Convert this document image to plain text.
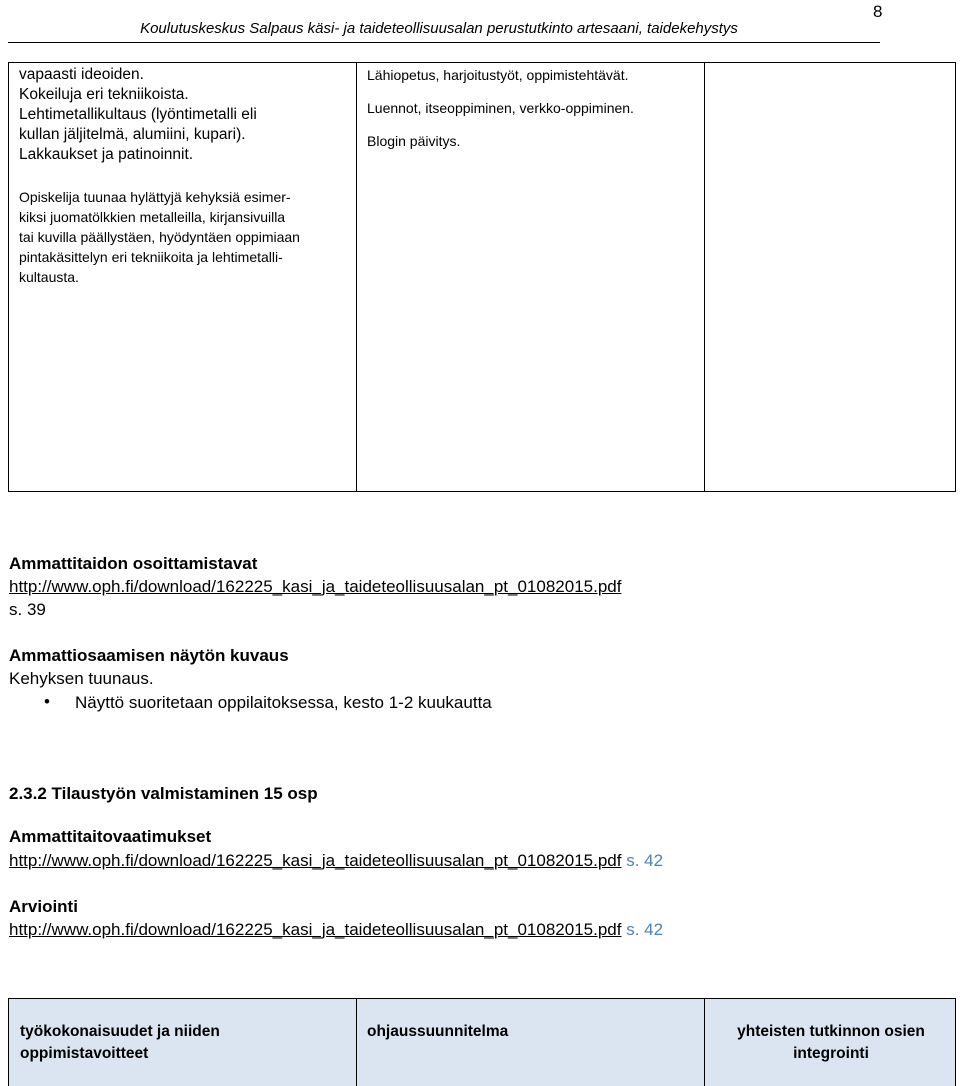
8
Koulutuskeskus Salpaus käsi- ja taideteollisuusalan perustutkinto artesaani, taidekehystys
vapaasti ideoiden.
Kokeiluja eri tekniikoista.
Lehtimetallikultaus (lyöntimetalli eli
kullan jäljitelmä, alumiini, kupari).
Lakkaukset ja patinoinnit.
Opiskelija tuunaa hylättyjä kehyksiä esimer-
kiksi juomatölkkien metalleilla, kirjansivuilla
tai kuvilla päällystäen, hyödyntäen oppimiaan
pintakäsittelyn eri tekniikoita ja lehtimetalli-
kultausta.
Lähiopetus, harjoitustyöt, oppimistehtävät.
Luennot, itseoppiminen, verkko-oppiminen.
Blogin päivitys.
Ammattitaidon osoittamistavat
http://www.oph.fi/download/162225_kasi_ja_taideteollisuusalan_pt_01082015.pdf
s. 39
Ammattiosaamisen näytön kuvaus
Kehyksen tuunaus.
• Näyttö suoritetaan oppilaitoksessa, kesto 1-2 kuukautta
2.3.2 Tilaustyön valmistaminen 15 osp
Ammattitaitovaatimukset
http://www.oph.fi/download/162225_kasi_ja_taideteollisuusalan_pt_01082015.pdf s. 42
Arviointi
http://www.oph.fi/download/162225_kasi_ja_taideteollisuusalan_pt_01082015.pdf s. 42
työkokonaisuudet ja niiden
oppimistavoitteet
ohjaussuunnitelma	yhteisten tutkinnon osien
integrointi
